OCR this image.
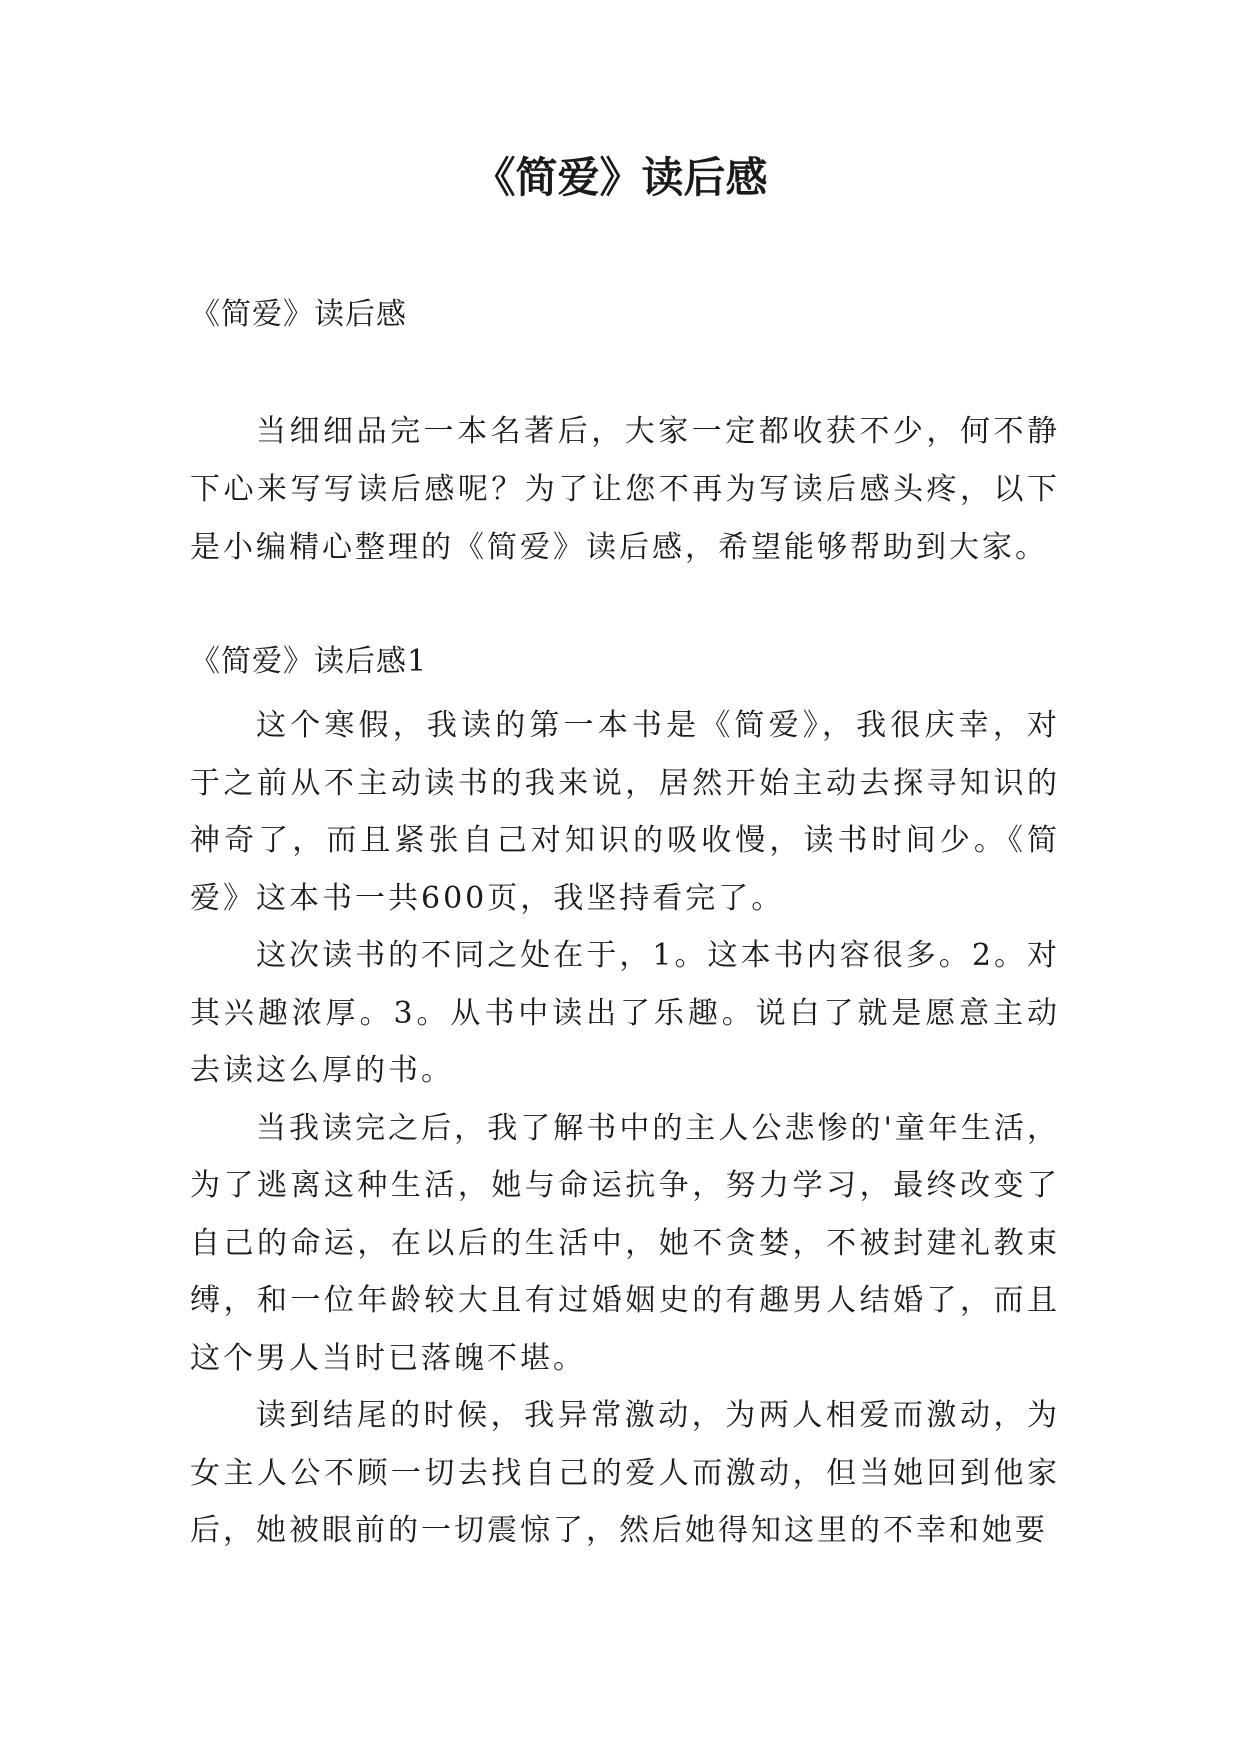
《简爱》读后感

《简爱》读后感

当细细品完一本名著后，大家一定都收获不少，何不静下心来写写读后感呢？为了让您不再为写读后感头疼，以下是小编精心整理的《简爱》读后感，希望能够帮助到大家。

《简爱》读后感1

这个寒假，我读的第一本书是《简爱》，我很庆幸，对于之前从不主动读书的我来说，居然开始主动去探寻知识的神奇了，而且紧张自己对知识的吸收慢，读书时间少。《简爱》这本书一共600页，我坚持看完了。

这次读书的不同之处在于，1。这本书内容很多。2。对其兴趣浓厚。3。从书中读出了乐趣。说白了就是愿意主动去读这么厚的书。

当我读完之后，我了解书中的主人公悲惨的'童年生活，为了逃离这种生活，她与命运抗争，努力学习，最终改变了自己的命运，在以后的生活中，她不贪婪，不被封建礼教束缚，和一位年龄较大且有过婚姻史的有趣男人结婚了，而且这个男人当时已落魄不堪。

读到结尾的时候，我异常激动，为两人相爱而激动，为女主人公不顾一切去找自己的爱人而激动，但当她回到他家后，她被眼前的一切震惊了，然后她得知这里的不幸和她要
